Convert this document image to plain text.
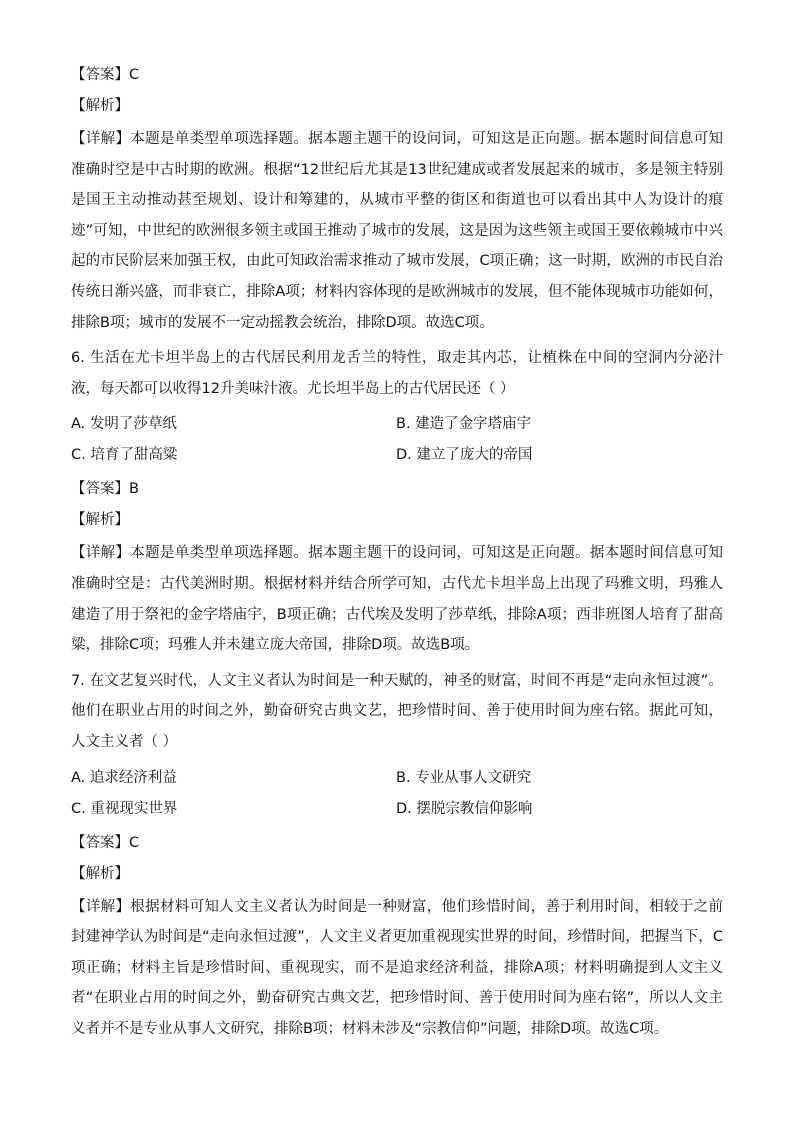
【答案】C
【解析】
【详解】本题是单类型单项选择题。据本题主题干的设问词，可知这是正向题。据本题时间信息可知准确时空是中古时期的欧洲。根据“12世纪后尤其是13世纪建成或者发展起来的城市，多是领主特别是国王主动推动甚至规划、设计和筹建的，从城市平整的街区和街道也可以看出其中人为设计的痕迹”可知，中世纪的欧洲很多领主或国王推动了城市的发展，这是因为这些领主或国王要依赖城市中兴起的市民阶层来加强王权，由此可知政治需求推动了城市发展，C项正确；这一时期，欧洲的市民自治传统日渐兴盛，而非衰亡，排除A项；材料内容体现的是欧洲城市的发展，但不能体现城市功能如何，排除B项；城市的发展不一定动摇教会统治，排除D项。故选C项。
6. 生活在尤卡坦半岛上的古代居民利用龙舌兰的特性，取走其内芯，让植株在中间的空洞内分泌汁液，每天都可以收得12升美味汁液。尤长坦半岛上的古代居民还（ ）
A. 发明了莎草纸	B. 建造了金字塔庙宇
C. 培育了甜高粱	D. 建立了庞大的帝国
【答案】B
【解析】
【详解】本题是单类型单项选择题。据本题主题干的设问词，可知这是正向题。据本题时间信息可知准确时空是：古代美洲时期。根据材料并结合所学可知，古代尤卡坦半岛上出现了玛雅文明，玛雅人建造了用于祭祀的金字塔庙宇，B项正确；古代埃及发明了莎草纸，排除A项；西非班图人培育了甜高粱，排除C项；玛雅人并未建立庞大帝国，排除D项。故选B项。
7. 在文艺复兴时代，人文主义者认为时间是一种天赋的，神圣的财富，时间不再是“走向永恒过渡”。他们在职业占用的时间之外，勤奋研究古典文艺，把珍惜时间、善于使用时间为座右铭。据此可知，人文主义者（ ）
A. 追求经济利益	B. 专业从事人文研究
C. 重视现实世界	D. 摆脱宗教信仰影响
【答案】C
【解析】
【详解】根据材料可知人文主义者认为时间是一种财富，他们珍惜时间，善于利用时间，相较于之前封建神学认为时间是“走向永恒过渡”，人文主义者更加重视现实世界的时间，珍惜时间，把握当下，C项正确；材料主旨是珍惜时间、重视现实，而不是追求经济利益，排除A项；材料明确提到人文主义者“在职业占用的时间之外，勤奋研究古典文艺，把珍惜时间、善于使用时间为座右铭”，所以人文主义者并不是专业从事人文研究，排除B项；材料未涉及“宗教信仰”问题，排除D项。故选C项。
